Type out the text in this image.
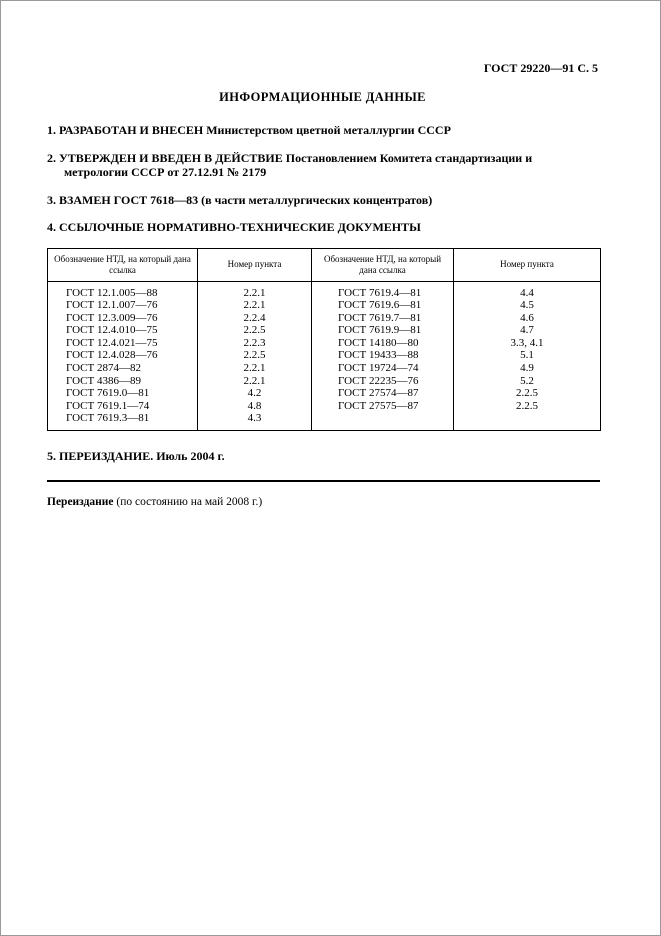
ГОСТ 29220—91 С. 5
ИНФОРМАЦИОННЫЕ ДАННЫЕ
1. РАЗРАБОТАН И ВНЕСЕН Министерством цветной металлургии СССР
2. УТВЕРЖДЕН И ВВЕДЕН В ДЕЙСТВИЕ Постановлением Комитета стандартизации и метрологии СССР от 27.12.91 № 2179
3. ВЗАМЕН ГОСТ 7618—83 (в части металлургических концентратов)
4. ССЫЛОЧНЫЕ НОРМАТИВНО-ТЕХНИЧЕСКИЕ ДОКУМЕНТЫ
Обозначение НТД, на который дана ссылка	Номер пункта	Обозначение НТД, на который дана ссылка	Номер пункта
ГОСТ 12.1.005—88	2.2.1	ГОСТ 7619.4—81	4.4
ГОСТ 12.1.007—76	2.2.1	ГОСТ 7619.6—81	4.5
ГОСТ 12.3.009—76	2.2.4	ГОСТ 7619.7—81	4.6
ГОСТ 12.4.010—75	2.2.5	ГОСТ 7619.9—81	4.7
ГОСТ 12.4.021—75	2.2.3	ГОСТ 14180—80	3.3, 4.1
ГОСТ 12.4.028—76	2.2.5	ГОСТ 19433—88	5.1
ГОСТ 2874—82	2.2.1	ГОСТ 19724—74	4.9
ГОСТ 4386—89	2.2.1	ГОСТ 22235—76	5.2
ГОСТ 7619.0—81	4.2	ГОСТ 27574—87	2.2.5
ГОСТ 7619.1—74	4.8	ГОСТ 27575—87	2.2.5
ГОСТ 7619.3—81	4.3		
5. ПЕРЕИЗДАНИЕ. Июль 2004 г.
Переиздание (по состоянию на май 2008 г.)
